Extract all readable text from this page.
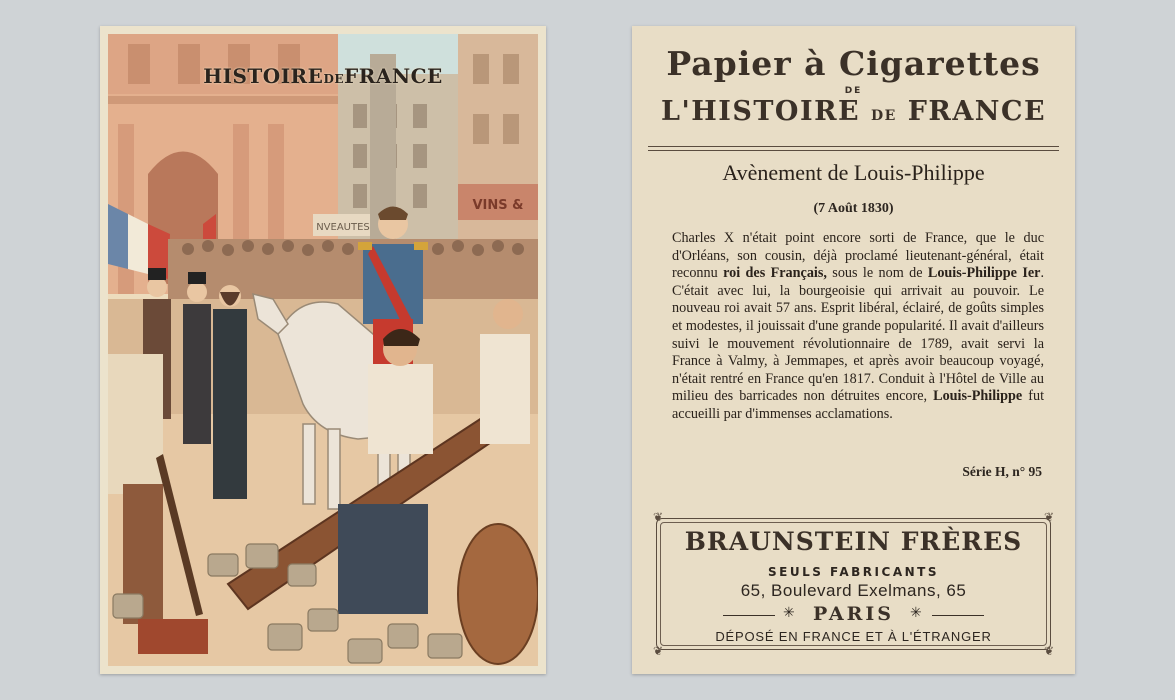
NVEAUTES
VINS &
HISTOIREDEFRANCE	Papier à Cigarettes
DE
L'HISTOIRE DE FRANCE
Avènement de Louis-Philippe
(7 Août 1830)
Charles X n'était point encore sorti de France, que le duc d'Orléans, son cousin, déjà proclamé lieutenant-général, était reconnu roi des Français, sous le nom de Louis-Philippe Ier. C'était avec lui, la bourgeoisie qui arrivait au pouvoir. Le nouveau roi avait 57 ans. Esprit libéral, éclairé, de goûts simples et modestes, il jouissait d'une grande popularité. Il avait d'ailleurs suivi le mouvement révolutionnaire de 1789, avait servi la France à Valmy, à Jemmapes, et après avoir beaucoup voyagé, n'était rentré en France qu'en 1817. Conduit à l'Hôtel de Ville au milieu des barricades non détruites encore, Louis-Philippe fut accueilli par d'immenses acclamations.
Série H, n° 95
❦	❦
❦	❦
BRAUNSTEIN FRÈRES
SEULS FABRICANTS
65, Boulevard Exelmans, 65
✳ PARIS	✳
DÉPOSÉ EN FRANCE ET À L'ÉTRANGER
